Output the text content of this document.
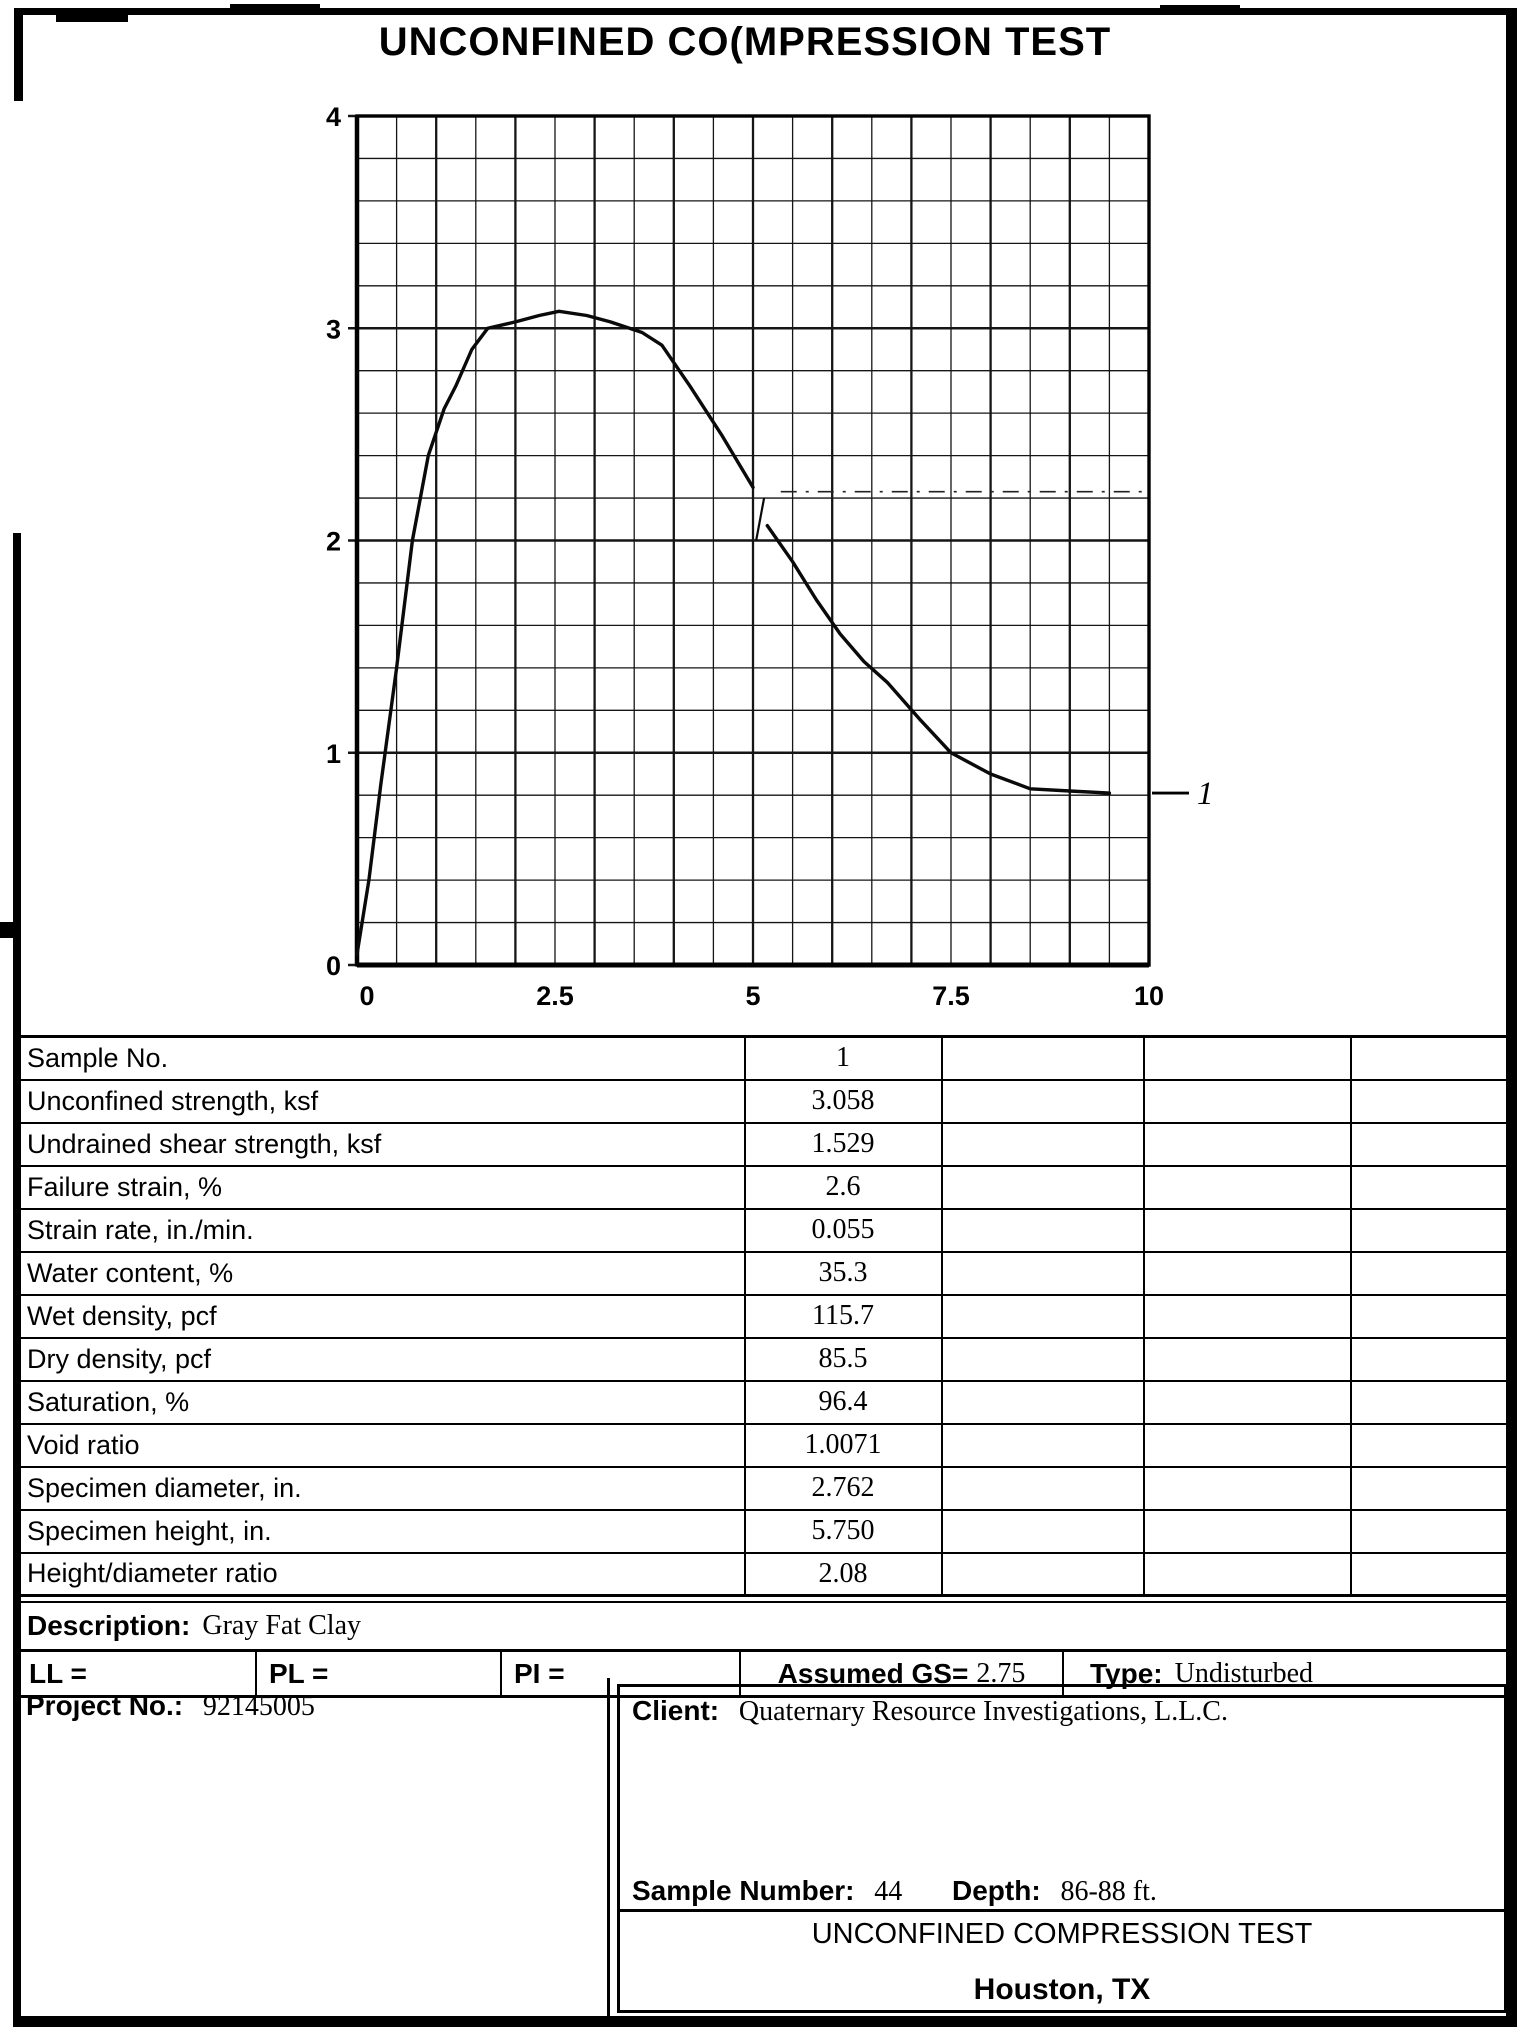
UNCONFINED CO(MPRESSION TEST
0
1
2
3
4
0	2.5	5	7.5	10
1
Sample No.	1			
Unconfined strength, ksf	3.058			
Undrained shear strength, ksf	1.529			
Failure strain, %	2.6			
Strain rate, in./min.	0.055			
Water content, %	35.3			
Wet density, pcf	115.7			
Dry density, pcf	85.5			
Saturation, %	96.4			
Void ratio	1.0071			
Specimen diameter, in.	2.762			
Specimen height, in.	5.750			
Height/diameter ratio	2.08			
Description: Gray Fat Clay
LL =	PL =	PI =	Assumed GS= 2.75 Type: Undisturbed
Project No.: 92145005	Client: Quaternary Resource Investigations, L.L.C.
Sample Number: 44 Depth: 86-88 ft.
UNCONFINED COMPRESSION TEST
Houston, TX
